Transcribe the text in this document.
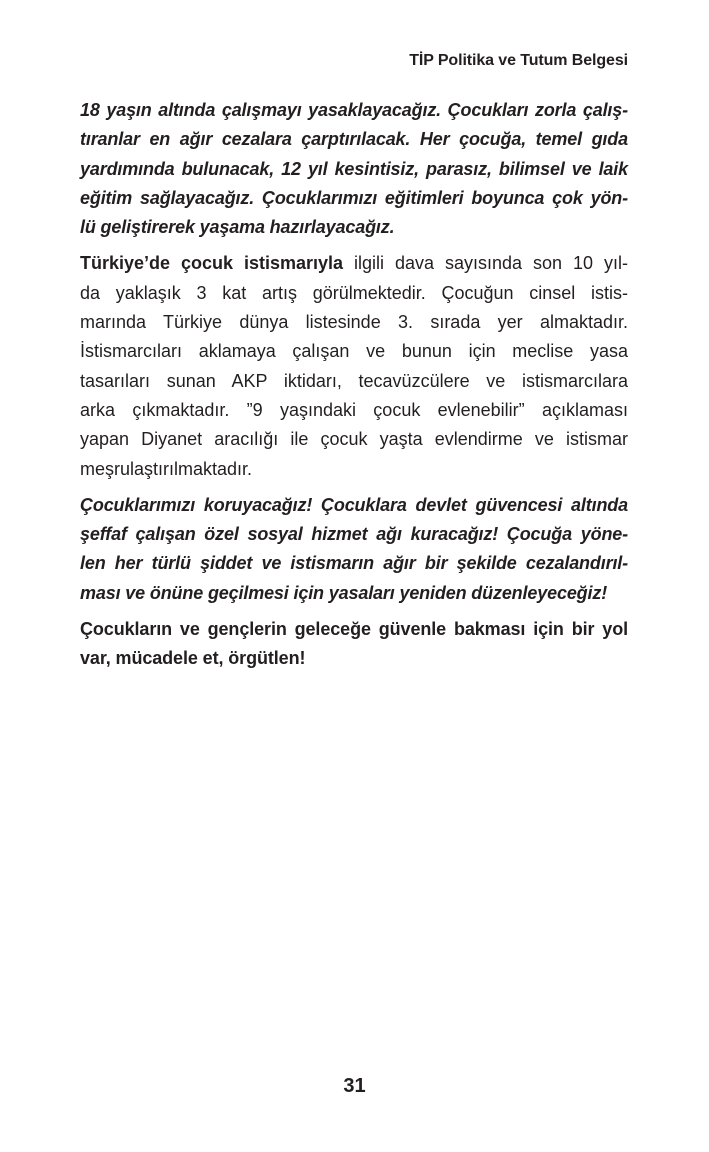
TİP Politika ve Tutum Belgesi
18 yaşın altında çalışmayı yasaklayacağız. Çocukları zorla çalış-
tıranlar en ağır cezalara çarptırılacak. Her çocuğa, temel gıda
yardımında bulunacak, 12 yıl kesintisiz, parasız, bilimsel ve laik
eğitim sağlayacağız. Çocuklarımızı eğitimleri boyunca çok yön-
lü geliştirerek yaşama hazırlayacağız.
Türkiye’de çocuk istismarıyla ilgili dava sayısında son 10 yıl-
da yaklaşık 3 kat artış görülmektedir. Çocuğun cinsel istis-
marında Türkiye dünya listesinde 3. sırada yer almaktadır.
İstismarcıları aklamaya çalışan ve bunun için meclise yasa
tasarıları sunan AKP iktidarı, tecavüzcülere ve istismarcılara
arka çıkmaktadır. ”9 yaşındaki çocuk evlenebilir” açıklaması
yapan Diyanet aracılığı ile çocuk yaşta evlendirme ve istismar
meşrulaştırılmaktadır.
Çocuklarımızı koruyacağız! Çocuklara devlet güvencesi altında
şeffaf çalışan özel sosyal hizmet ağı kuracağız! Çocuğa yöne-
len her türlü şiddet ve istismarın ağır bir şekilde cezalandırıl-
ması ve önüne geçilmesi için yasaları yeniden düzenleyeceğiz!
Çocukların ve gençlerin geleceğe güvenle bakması için bir yol
var, mücadele et, örgütlen!
31
